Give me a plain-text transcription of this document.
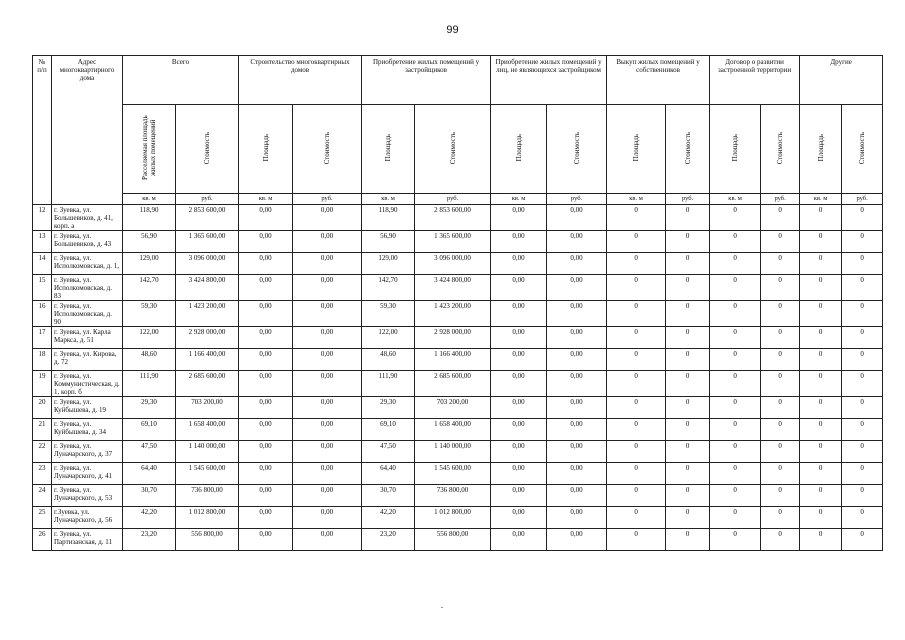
99
№ п/п	Адрес многоквартирного дома	Всего		Строительство многоквартирных домов		Приобретение жилых помещений у застройщиков		Приобретение жилых помещений у лиц, не являющихся застройщиком		Выкуп жилых помещений у собственников		Договор о развитии застроенной территории		Другие	
		Расселяемая площадь жилых помещений	Стоимость	Площадь	Стоимость	Площадь	Стоимость	Площадь	Стоимость	Площадь	Стоимость	Площадь	Стоимость	Площадь	Стоимость
		кв. м	руб.	кв. м	руб.	кв. м	руб.	кв. м	руб.	кв. м	руб.	кв. м	руб.	кв. м	руб.
12	г. Зуевка, ул. Большевиков, д. 41, корп. а	118,90	2 853 600,00	0,00	0,00	118,90	2 853 600,00	0,00	0,00	0	0	0	0	0	0
13	г. Зуевка, ул. Большевиков, д. 43	56,90	1 365 600,00	0,00	0,00	56,90	1 365 600,00	0,00	0,00	0	0	0	0	0	0
14	г. Зуевка, ул. Исполкомовская, д. 1,	129,00	3 096 000,00	0,00	0,00	129,00	3 096 000,00	0,00	0,00	0	0	0	0	0	0
15	г. Зуевка, ул. Исполкомовская, д. 83	142,70	3 424 800,00	0,00	0,00	142,70	3 424 800,00	0,00	0,00	0	0	0	0	0	0
16	г. Зуевка, ул. Исполкомовская, д. 90	59,30	1 423 200,00	0,00	0,00	59,30	1 423 200,00	0,00	0,00	0	0	0	0	0	0
17	г. Зуевка, ул. Карла Маркса, д. 51	122,00	2 928 000,00	0,00	0,00	122,00	2 928 000,00	0,00	0,00	0	0	0	0	0	0
18	г. Зуевка, ул. Кирова, д. 72	48,60	1 166 400,00	0,00	0,00	48,60	1 166 400,00	0,00	0,00	0	0	0	0	0	0
19	г. Зуевка, ул. Коммунистическая, д. 1, корп. б	111,90	2 685 600,00	0,00	0,00	111,90	2 685 600,00	0,00	0,00	0	0	0	0	0	0
20	г. Зуевка, ул. Куйбышева, д. 19	29,30	703 200,00	0,00	0,00	29,30	703 200,00	0,00	0,00	0	0	0	0	0	0
21	г. Зуевка, ул. Куйбышева, д. 34	69,10	1 658 400,00	0,00	0,00	69,10	1 658 400,00	0,00	0,00	0	0	0	0	0	0
22	г. Зуевка, ул. Луначарского, д. 37	47,50	1 140 000,00	0,00	0,00	47,50	1 140 000,00	0,00	0,00	0	0	0	0	0	0
23	г. Зуевка, ул. Луначарского, д. 41	64,40	1 545 600,00	0,00	0,00	64,40	1 545 600,00	0,00	0,00	0	0	0	0	0	0
24	г. Зуевка, ул. Луначарского, д. 53	30,70	736 800,00	0,00	0,00	30,70	736 800,00	0,00	0,00	0	0	0	0	0	0
25	г.Зуевка, ул. Луначарского, д. 56	42,20	1 012 800,00	0,00	0,00	42,20	1 012 800,00	0,00	0,00	0	0	0	0	0	0
26	г. Зуевка, ул. Партизанская, д. 11	23,20	556 800,00	0,00	0,00	23,20	556 800,00	0,00	0,00	0	0	0	0	0	0
